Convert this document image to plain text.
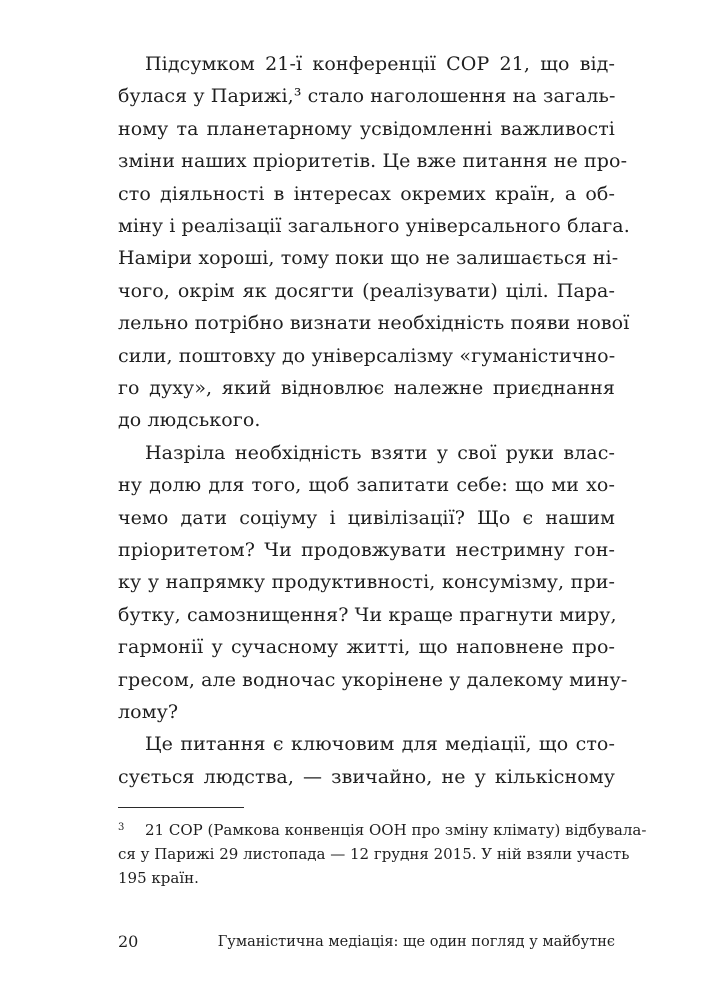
Підсумком 21-ї конференції COP 21, що від-
булася у Парижі,³ стало наголошення на загаль-
ному та планетарному усвідомленні важливості
зміни наших пріоритетів. Це вже питання не про-
сто діяльності в інтересах окремих країн, а об-
міну і реалізації загального універсального блага.
Наміри хороші, тому поки що не залишається ні-
чого, окрім як досягти (реалізувати) цілі. Пара-
лельно потрібно визнати необхідність появи нової
сили, поштовху до універсалізму «гуманістично-
го духу», який відновлює належне приєднання
до людського.
Назріла необхідність взяти у свої руки влас-
ну долю для того, щоб запитати себе: що ми хо-
чемо дати соціуму і цивілізації? Що є нашим
пріоритетом? Чи продовжувати нестримну гон-
ку у напрямку продуктивності, консумізму, при-
бутку, самознищення? Чи краще прагнути миру,
гармонії у сучасному житті, що наповнене про-
гресом, але водночас укорінене у далекому мину-
лому?
Це питання є ключовим для медіації, що сто-
сується людства, — звичайно, не у кількісному
3 21 COP (Рамкова конвенція ООН про зміну клімату) відбувала-
ся у Парижі 29 листопада — 12 грудня 2015. У ній взяли участь
195 країн.
20	Гуманістична медіація: ще один погляд у майбутнє
